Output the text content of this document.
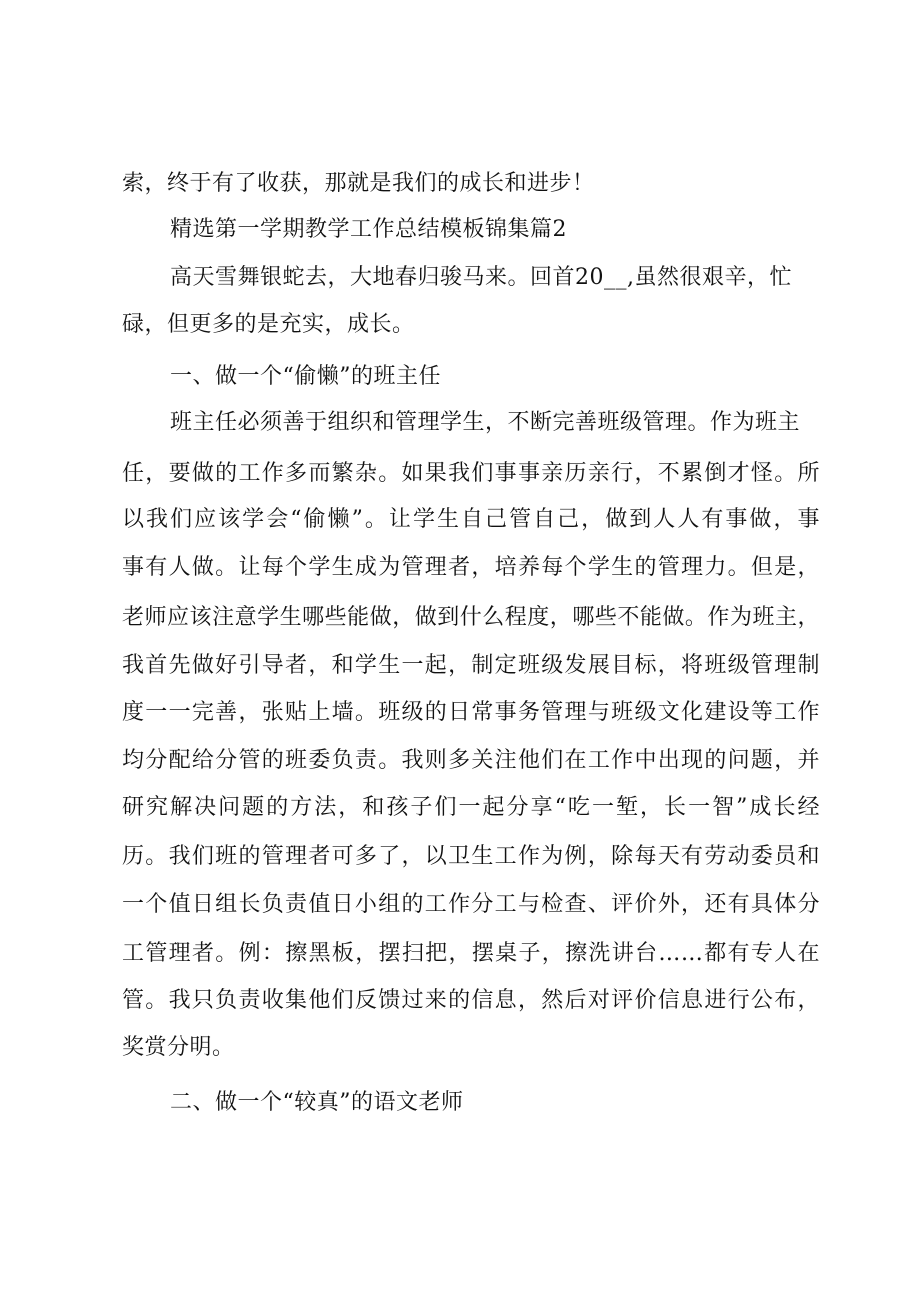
索，终于有了收获，那就是我们的成长和进步！

精选第一学期教学工作总结模板锦集篇2

高天雪舞银蛇去，大地春归骏马来。回首20__,虽然很艰辛，忙

碌，但更多的是充实，成长。

一、做一个“偷懒”的班主任

班主任必须善于组织和管理学生，不断完善班级管理。作为班主

任，要做的工作多而繁杂。如果我们事事亲历亲行，不累倒才怪。所

以我们应该学会“偷懒”。让学生自己管自己，做到人人有事做，事

事有人做。让每个学生成为管理者，培养每个学生的管理力。但是，

老师应该注意学生哪些能做，做到什么程度，哪些不能做。作为班主，

我首先做好引导者，和学生一起，制定班级发展目标，将班级管理制

度一一完善，张贴上墙。班级的日常事务管理与班级文化建设等工作

均分配给分管的班委负责。我则多关注他们在工作中出现的问题，并

研究解决问题的方法，和孩子们一起分享“吃一堑，长一智”成长经

历。我们班的管理者可多了，以卫生工作为例，除每天有劳动委员和

一个值日组长负责值日小组的工作分工与检查、评价外，还有具体分

工管理者。例：擦黑板，摆扫把，摆桌子，擦洗讲台……都有专人在

管。我只负责收集他们反馈过来的信息，然后对评价信息进行公布，

奖赏分明。

二、做一个“较真”的语文老师
